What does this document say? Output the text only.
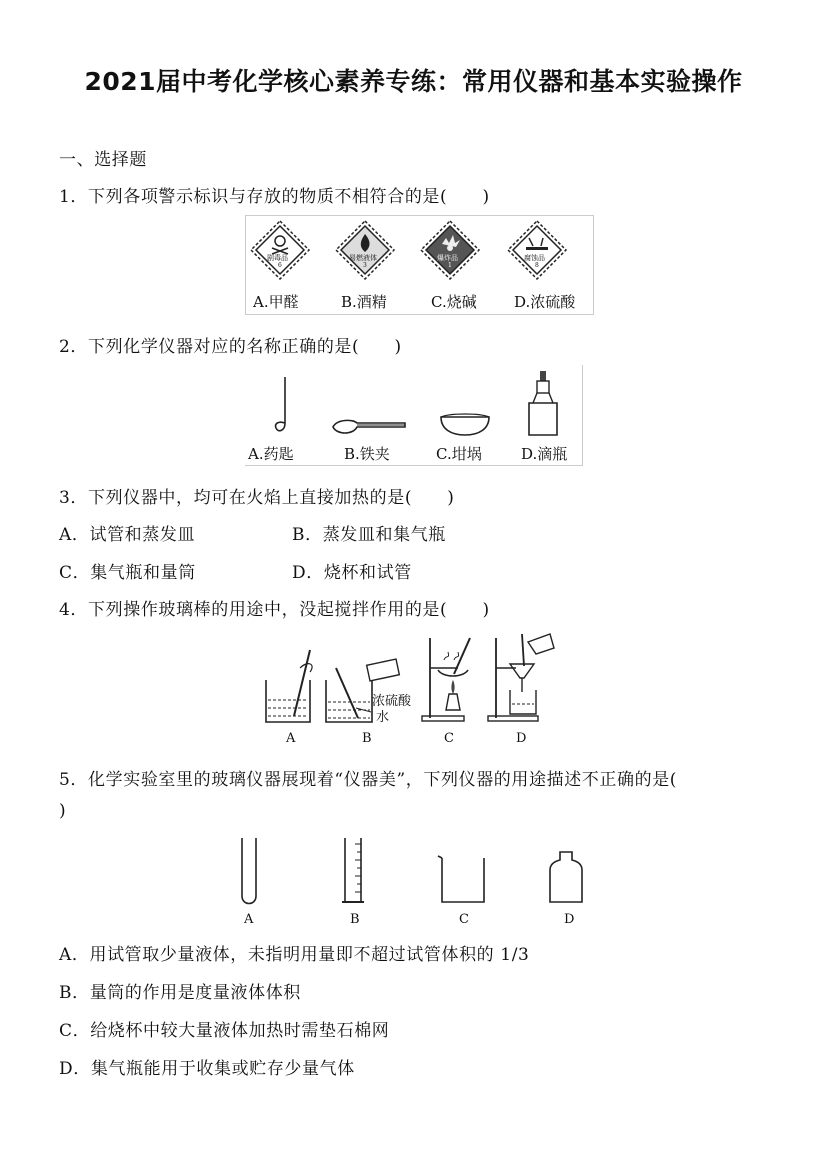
2021届中考化学核心素养专练：常用仪器和基本实验操作
一、选择题
1．下列各项警示标识与存放的物质不相符合的是(　　)
剧毒品
6
易燃液体
3
爆炸品
1
腐蚀品
8
A.甲醛	B.酒精	C.烧碱 D.浓硫酸
2．下列化学仪器对应的名称正确的是(　　)
A.药匙	B.铁夹	C.坩埚	D.滴瓶
3．下列仪器中，均可在火焰上直接加热的是(　　)
A．试管和蒸发皿	B．蒸发皿和集气瓶
C．集气瓶和量筒	D．烧杯和试管
4．下列操作玻璃棒的用途中，没起搅拌作用的是(　　)
浓硫酸
水
A	B	C	D
5．化学实验室里的玻璃仪器展现着“仪器美”，下列仪器的用途描述不正确的是(
)
A	B	C	D
A．用试管取少量液体，未指明用量即不超过试管体积的 1/3
B．量筒的作用是度量液体体积
C．给烧杯中较大量液体加热时需垫石棉网
D．集气瓶能用于收集或贮存少量气体
